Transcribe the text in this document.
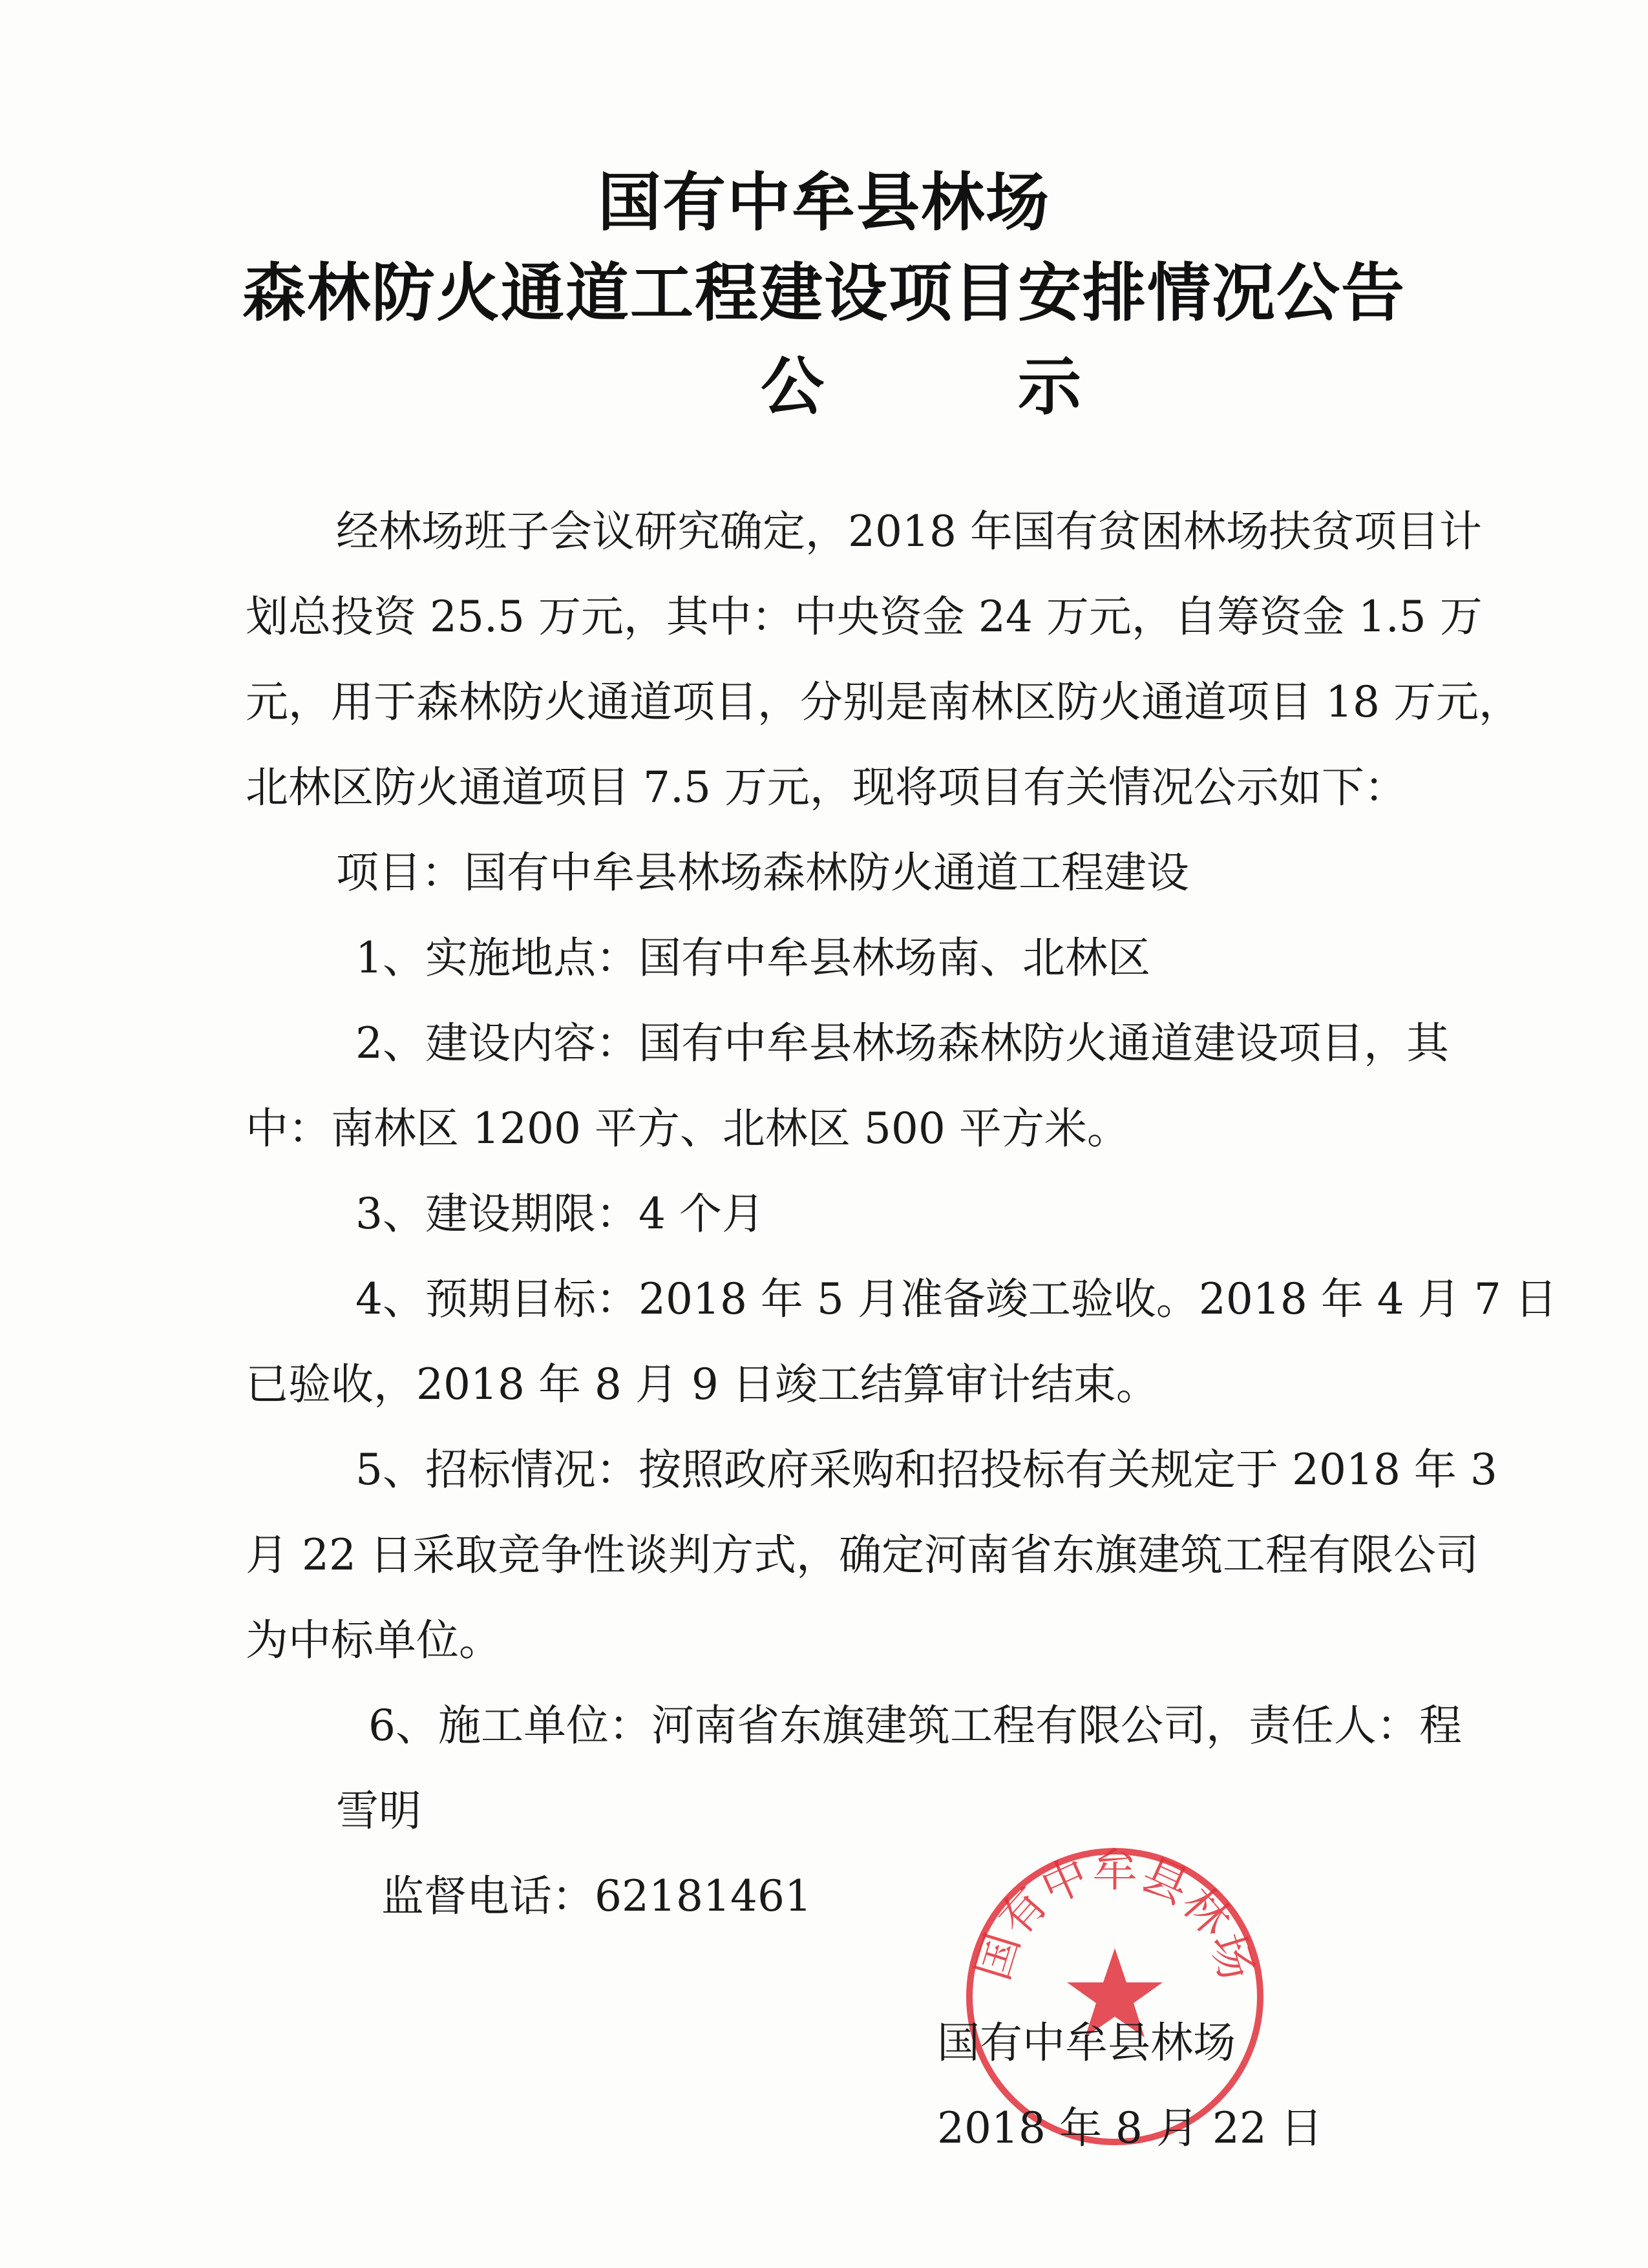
国有中牟县林场
森林防火通道工程建设项目安排情况公告
公示
经林场班子会议研究确定，2018 年国有贫困林场扶贫项目计
划总投资 25.5 万元，其中：中央资金 24 万元，自筹资金 1.5 万
元，用于森林防火通道项目，分别是南林区防火通道项目 18 万元，
北林区防火通道项目 7.5 万元，现将项目有关情况公示如下：
项目：国有中牟县林场森林防火通道工程建设
1、实施地点：国有中牟县林场南、北林区
2、建设内容：国有中牟县林场森林防火通道建设项目，其
中：南林区 1200 平方、北林区 500 平方米。
3、建设期限：4 个月
4、预期目标：2018 年 5 月准备竣工验收。2018 年 4 月 7 日
已验收，2018 年 8 月 9 日竣工结算审计结束。
5、招标情况：按照政府采购和招投标有关规定于 2018 年 3
月 22 日采取竞争性谈判方式，确定河南省东旗建筑工程有限公司
为中标单位。
6、施工单位：河南省东旗建筑工程有限公司，责任人：程
雪明
监督电话：62181461
国有中牟县林场
国有中牟县林场
2018 年 8 月 22 日
